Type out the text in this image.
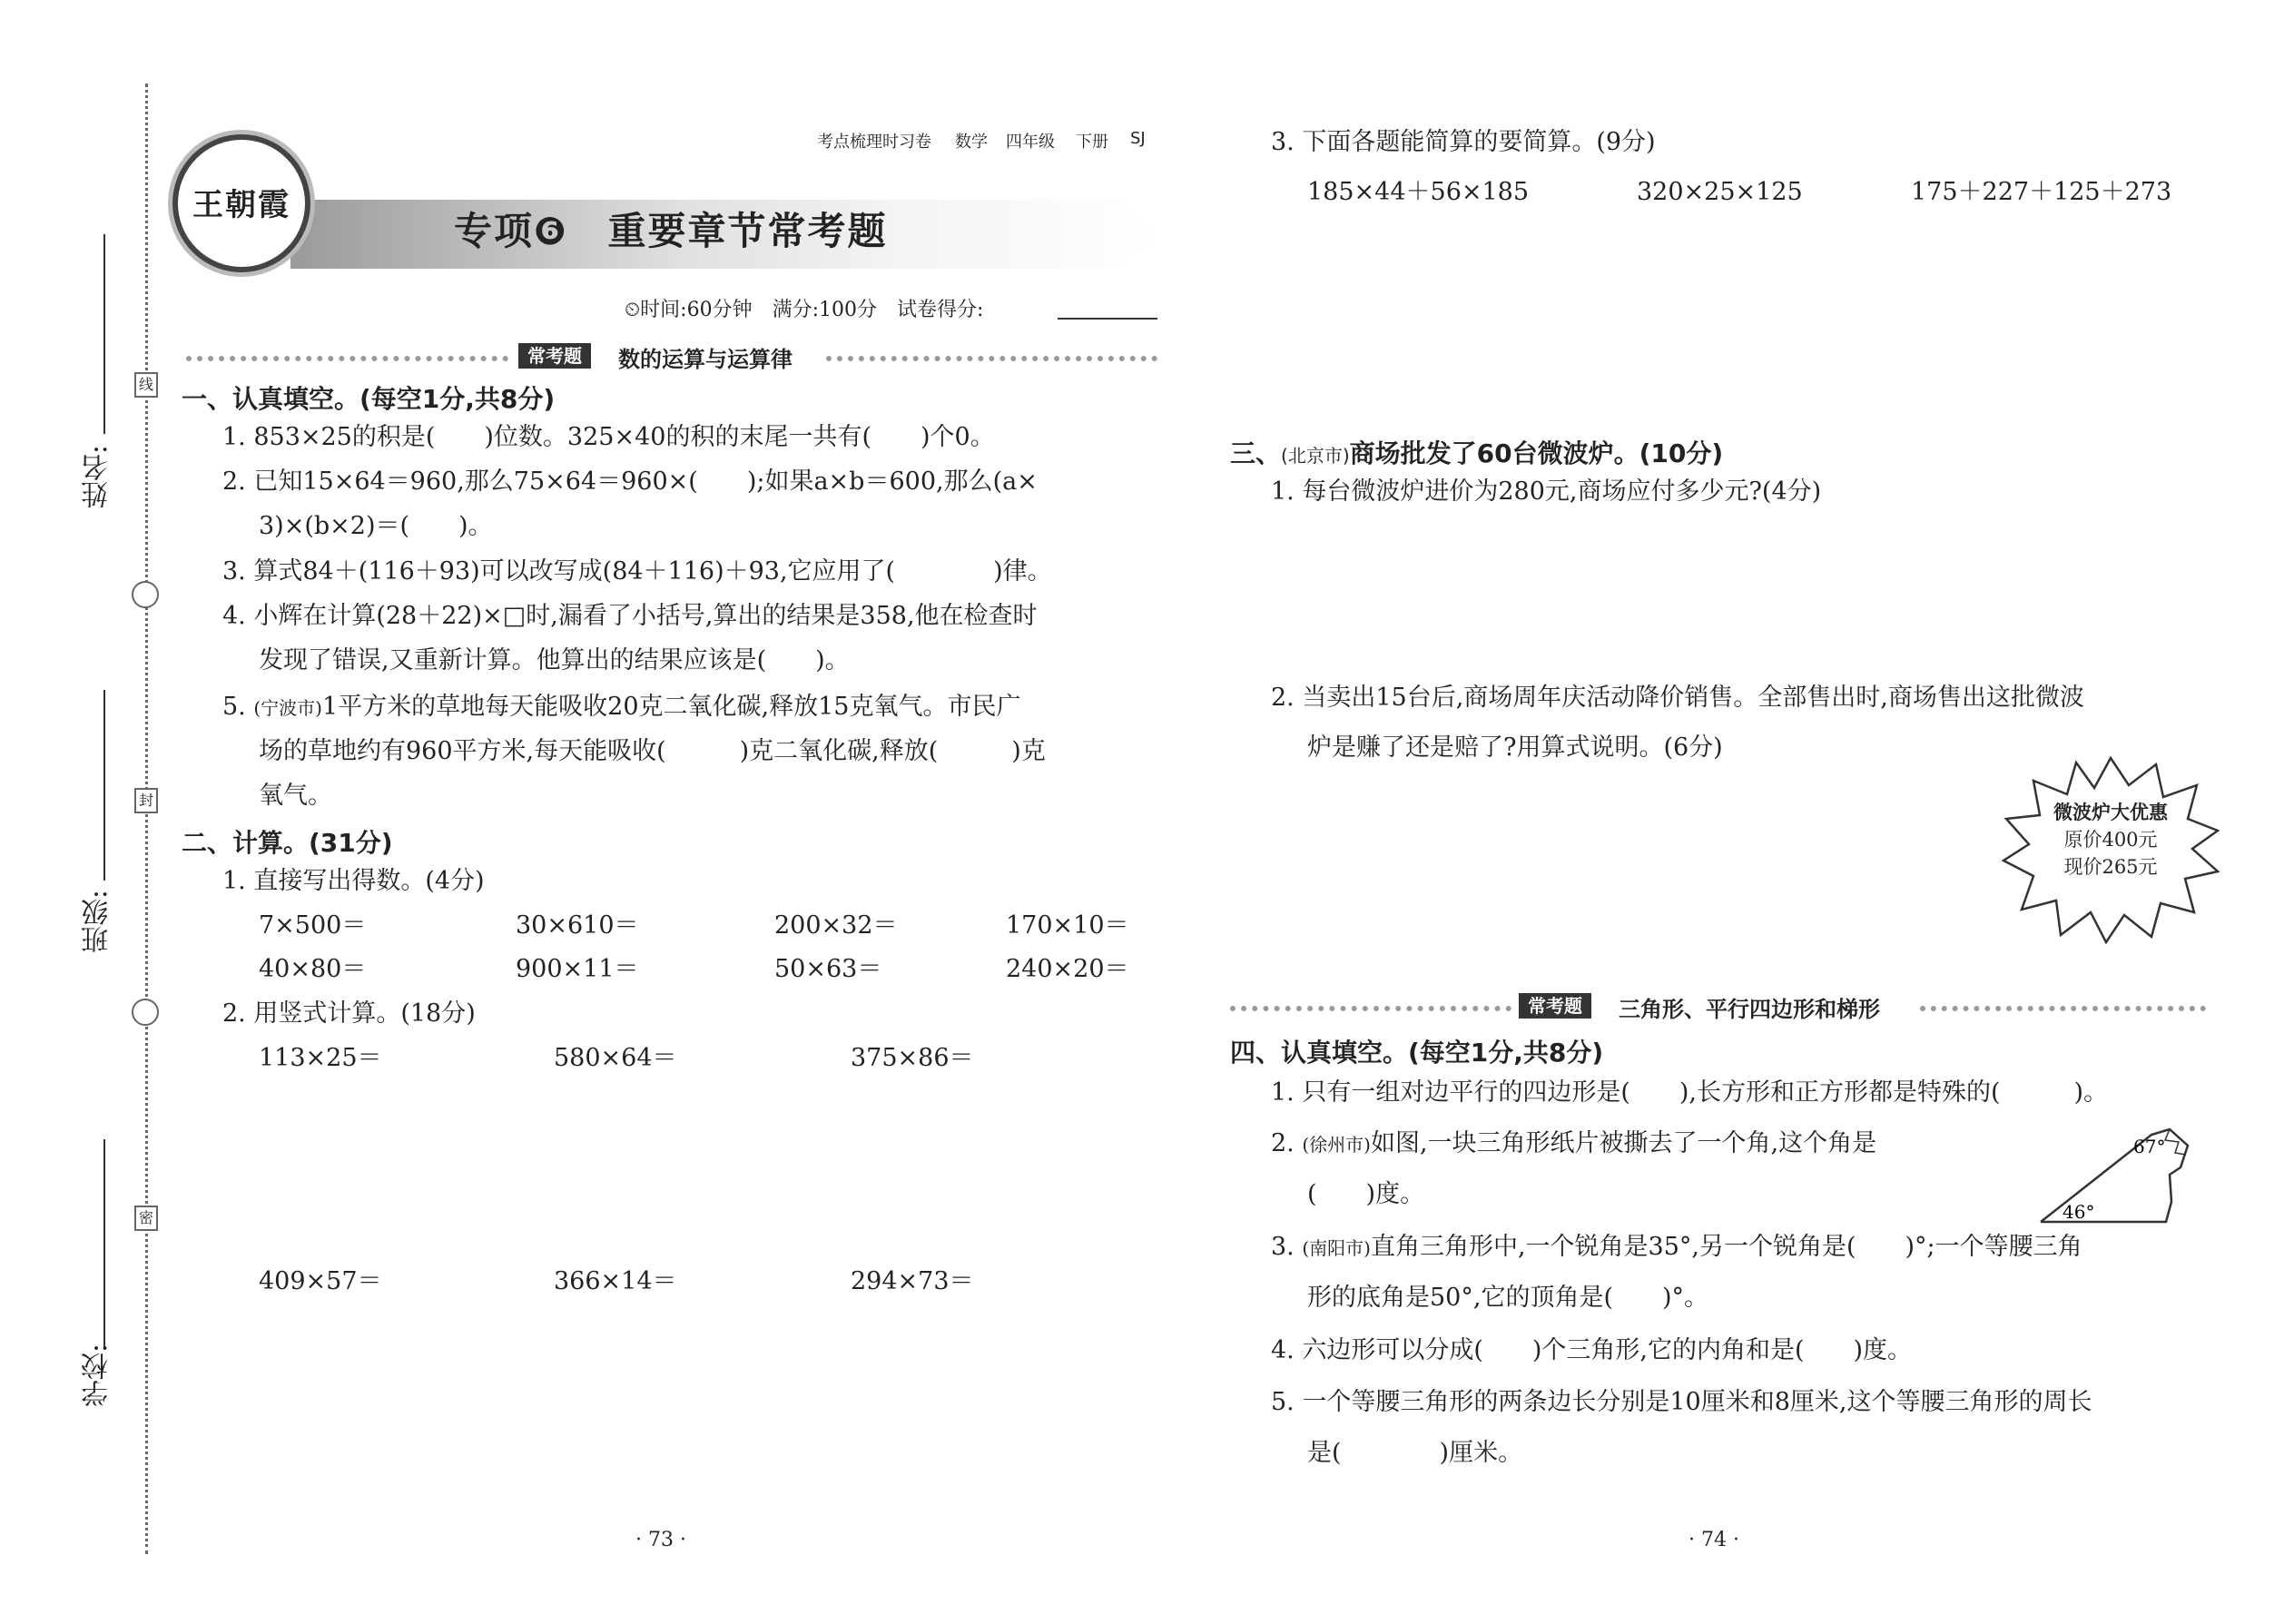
姓名:
班级:
学校:
线
封
密
王朝霞
考点梳理时习卷 数学 四年级 下册 SJ
专项❻　重要章节常考题
⏲时间:60分钟　满分:100分　试卷得分:
常考题	数的运算与运算律
一、认真填空。(每空1分,共8分)
1. 853×25的积是(　　)位数。325×40的积的末尾一共有(　　)个0。
2. 已知15×64＝960,那么75×64＝960×(　　);如果a×b＝600,那么(a×
3)×(b×2)＝(　　)。
3. 算式84＋(116＋93)可以改写成(84＋116)＋93,它应用了(　　　　)律。
4. 小辉在计算(28＋22)×□时,漏看了小括号,算出的结果是358,他在检查时
发现了错误,又重新计算。他算出的结果应该是(　　)。
5. (宁波市)1平方米的草地每天能吸收20克二氧化碳,释放15克氧气。市民广
场的草地约有960平方米,每天能吸收(　　　)克二氧化碳,释放(　　　)克
氧气。
二、计算。(31分)
1. 直接写出得数。(4分)
7×500＝	30×610＝	200×32＝	170×10＝
40×80＝	900×11＝	50×63＝	240×20＝
2. 用竖式计算。(18分)
113×25＝	580×64＝	375×86＝
409×57＝	366×14＝	294×73＝
· 73 ·
3. 下面各题能简算的要简算。(9分)
185×44＋56×185	320×25×125	175＋227＋125＋273
三、(北京市)商场批发了60台微波炉。(10分)
1. 每台微波炉进价为280元,商场应付多少元?(4分)
2. 当卖出15台后,商场周年庆活动降价销售。全部售出时,商场售出这批微波
炉是赚了还是赔了?用算式说明。(6分)
微波炉大优惠
原价400元
现价265元
常考题	三角形、平行四边形和梯形
四、认真填空。(每空1分,共8分)
1. 只有一组对边平行的四边形是(　　),长方形和正方形都是特殊的(　　　)。
2. (徐州市)如图,一块三角形纸片被撕去了一个角,这个角是
(　　)度。
67°
46°
3. (南阳市)直角三角形中,一个锐角是35°,另一个锐角是(　　)°;一个等腰三角
形的底角是50°,它的顶角是(　　)°。
4. 六边形可以分成(　　)个三角形,它的内角和是(　　)度。
5. 一个等腰三角形的两条边长分别是10厘米和8厘米,这个等腰三角形的周长
是(　　　　)厘米。
· 74 ·
